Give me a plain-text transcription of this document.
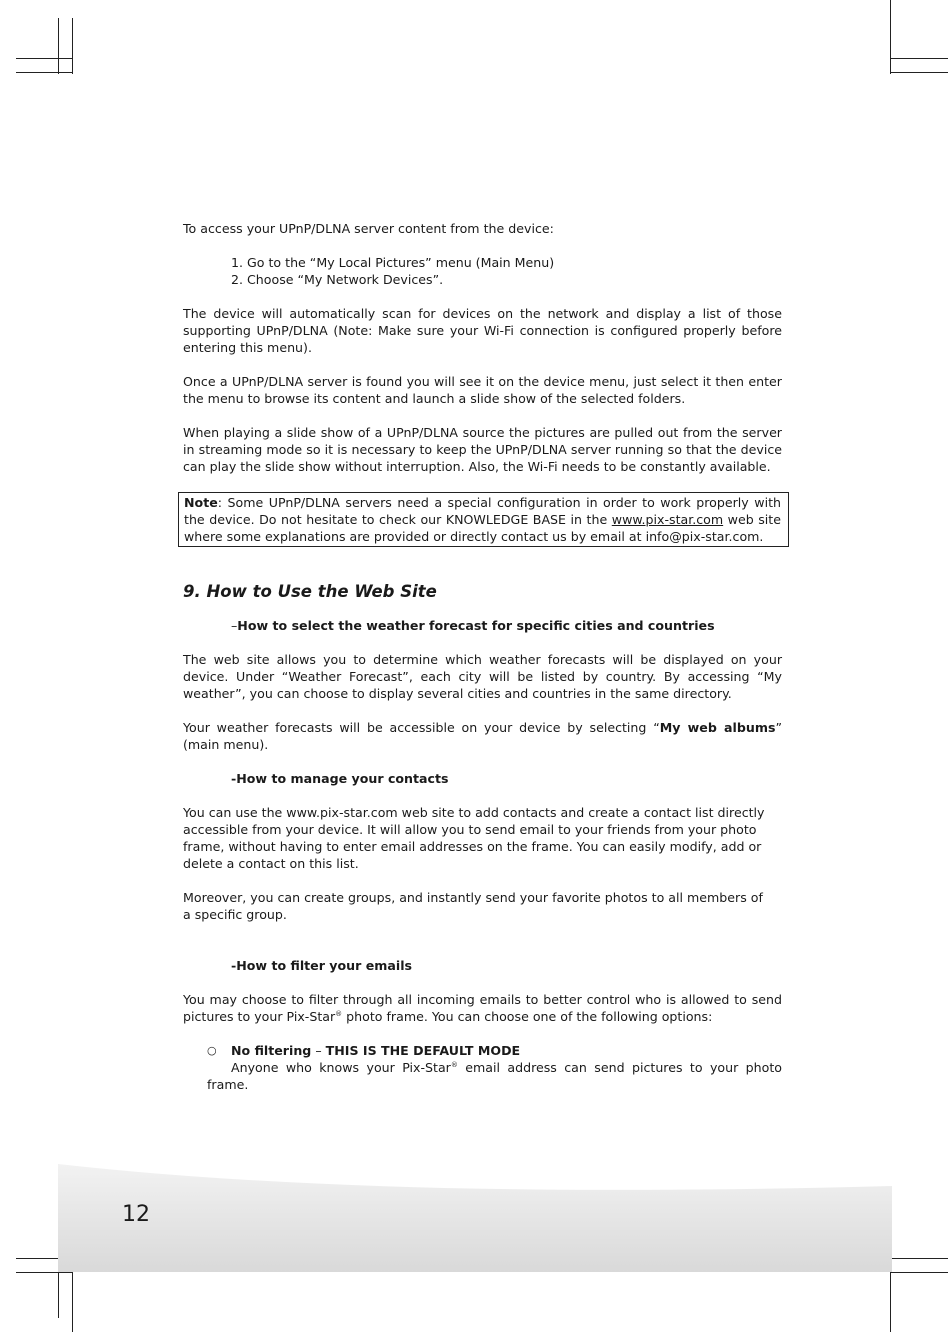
12

To access your UPnP/DLNA server content from the device:

1. Go to the “My Local Pictures” menu (Main Menu)

2. Choose “My Network Devices”.

The device will automatically scan for devices on the network and display a list of those supporting UPnP/DLNA (Note: Make sure your Wi-Fi connection is configured properly before entering this menu).

Once a UPnP/DLNA server is found you will see it on the device menu, just select it then enter the menu to browse its content and launch a slide show of the selected folders.

When playing a slide show of a UPnP/DLNA source the pictures are pulled out from the server in streaming mode so it is necessary to keep the UPnP/DLNA server running so that the device can play the slide show without interruption. Also, the Wi-Fi needs to be constantly available.

Note: Some UPnP/DLNA servers need a special configuration in order to work properly with the device. Do not hesitate to check our KNOWLEDGE BASE in the www.pix-star.com web site where some explanations are provided or directly contact us by email at info@pix-star.com.

9. How to Use the Web Site

–How to select the weather forecast for specific cities and countries

The web site allows you to determine which weather forecasts will be displayed on your device. Under “Weather Forecast”, each city will be listed by country. By accessing “My weather”, you can choose to display several cities and countries in the same directory.

Your weather forecasts will be accessible on your device by selecting “My web albums” (main menu).

-How to manage your contacts

You can use the www.pix-star.com web site to add contacts and create a contact list directly accessible from your device. It will allow you to send email to your friends from your photo frame, without having to enter email addresses on the frame. You can easily modify, add or delete a contact on this list.

Moreover, you can create groups, and instantly send your favorite photos to all members of a specific group.

-How to filter your emails

You may choose to filter through all incoming emails to better control who is allowed to send pictures to your Pix-Star® photo frame. You can choose one of the following options:

○ No filtering – THIS IS THE DEFAULT MODE
Anyone who knows your Pix-Star® email address can send pictures to your photo frame.
